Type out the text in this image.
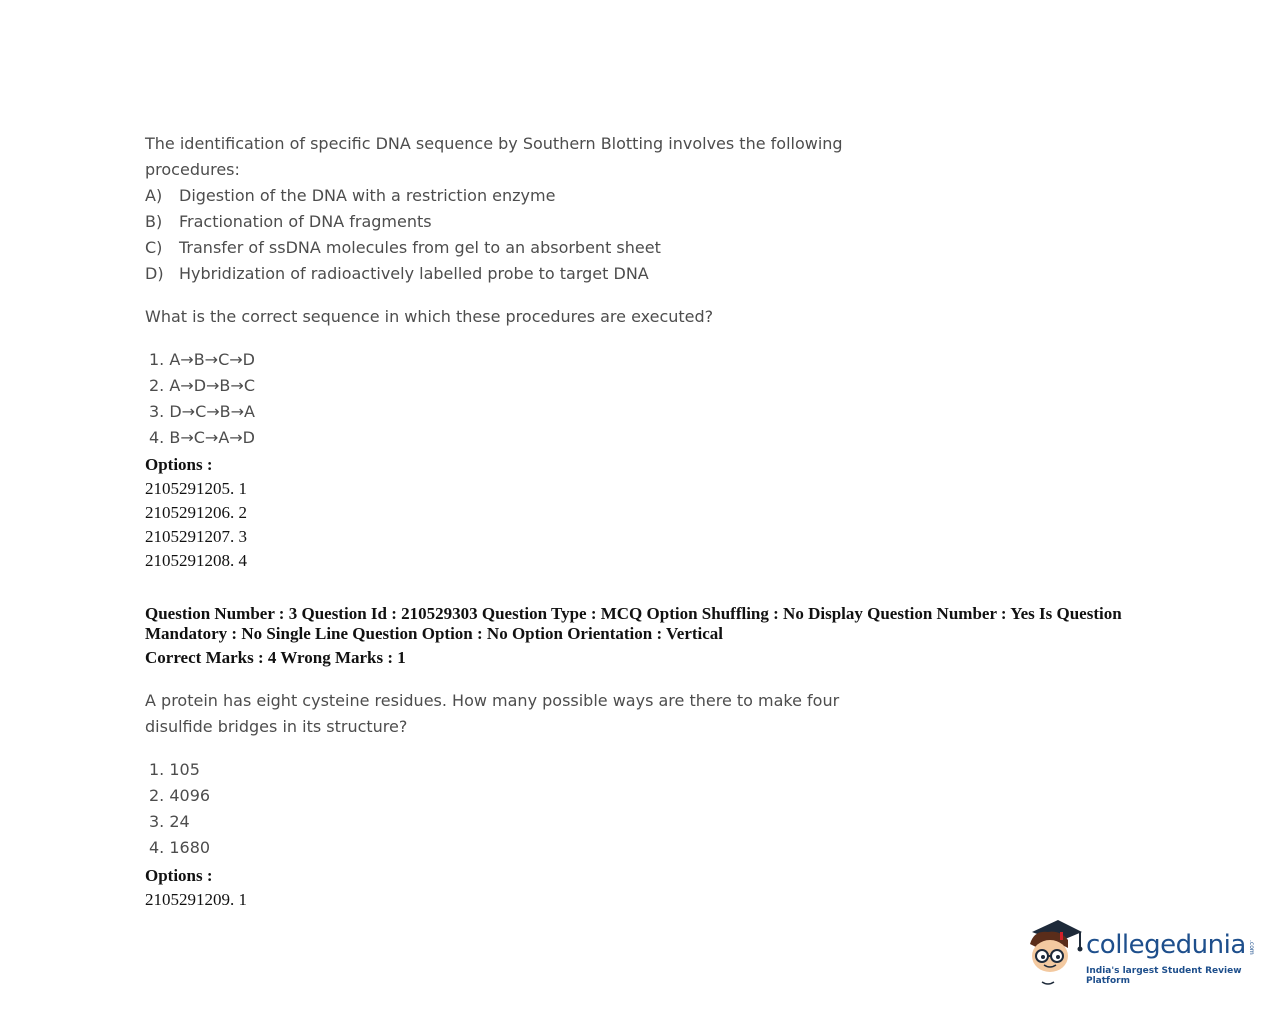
The identification of specific DNA sequence by Southern Blotting involves the following
procedures:
A) Digestion of the DNA with a restriction enzyme
B) Fractionation of DNA fragments
C) Transfer of ssDNA molecules from gel to an absorbent sheet
D) Hybridization of radioactively labelled probe to target DNA
What is the correct sequence in which these procedures are executed?
1. A→B→C→D
2. A→D→B→C
3. D→C→B→A
4. B→C→A→D
Options :
2105291205. 1
2105291206. 2
2105291207. 3
2105291208. 4
Question Number : 3 Question Id : 210529303 Question Type : MCQ Option Shuffling : No Display Question Number : Yes Is Question
Mandatory : No Single Line Question Option : No Option Orientation : Vertical
Correct Marks : 4 Wrong Marks : 1
A protein has eight cysteine residues. How many possible ways are there to make four
disulfide bridges in its structure?
1. 105
2. 4096
3. 24
4. 1680
Options :
2105291209. 1
collegedunia .com
India's largest Student Review Platform
